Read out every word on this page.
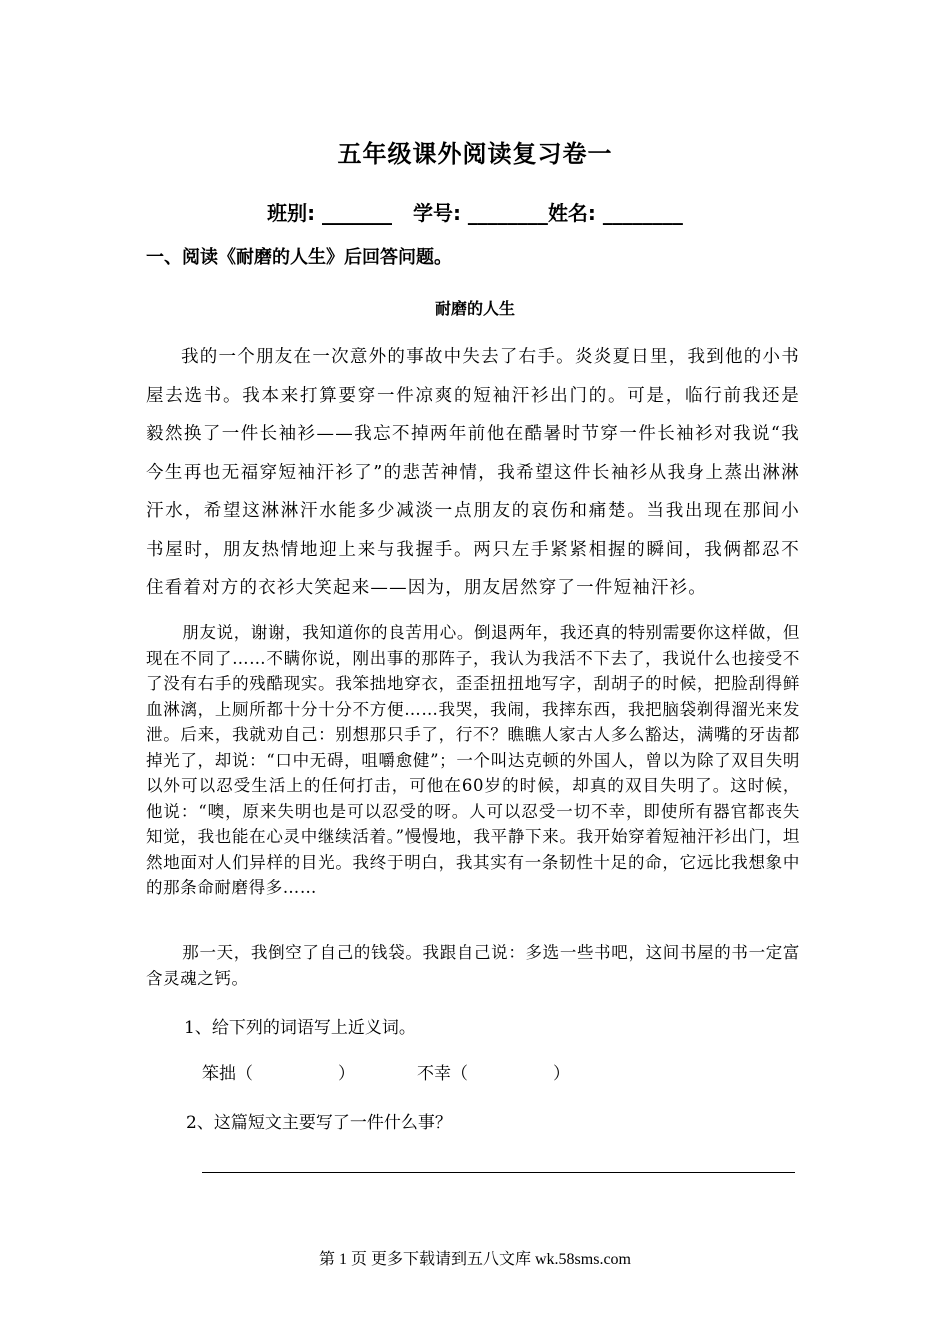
五年级课外阅读复习卷一
班别: _______   学号: ________姓名: ________
一、阅读《耐磨的人生》后回答问题。
耐磨的人生

我的一个朋友在一次意外的事故中失去了右手。炎炎夏日里，我到他的小书屋去选书。我本来打算要穿一件凉爽的短袖汗衫出门的。可是，临行前我还是毅然换了一件长袖衫——我忘不掉两年前他在酷暑时节穿一件长袖衫对我说“我今生再也无福穿短袖汗衫了”的悲苦神情，我希望这件长袖衫从我身上蒸出淋淋汗水，希望这淋淋汗水能多少减淡一点朋友的哀伤和痛楚。当我出现在那间小书屋时，朋友热情地迎上来与我握手。两只左手紧紧相握的瞬间，我俩都忍不住看着对方的衣衫大笑起来——因为，朋友居然穿了一件短袖汗衫。

朋友说，谢谢，我知道你的良苦用心。倒退两年，我还真的特别需要你这样做，但现在不同了……不瞒你说，刚出事的那阵子，我认为我活不下去了，我说什么也接受不了没有右手的残酷现实。我笨拙地穿衣，歪歪扭扭地写字，刮胡子的时候，把脸刮得鲜血淋漓，上厕所都十分十分不方便……我哭，我闹，我摔东西，我把脑袋剃得溜光来发泄。后来，我就劝自己：别想那只手了，行不？瞧瞧人家古人多么豁达，满嘴的牙齿都掉光了，却说：“口中无碍，咀嚼愈健”；一个叫达克顿的外国人，曾以为除了双目失明以外可以忍受生活上的任何打击，可他在60岁的时候，却真的双目失明了。这时候，他说：“噢，原来失明也是可以忍受的呀。人可以忍受一切不幸，即使所有器官都丧失知觉，我也能在心灵中继续活着。”慢慢地，我平静下来。我开始穿着短袖汗衫出门，坦然地面对人们异样的目光。我终于明白，我其实有一条韧性十足的命，它远比我想象中的那条命耐磨得多……

那一天，我倒空了自己的钱袋。我跟自己说：多选一些书吧，这间书屋的书一定富含灵魂之钙。

1、给下列的词语写上近义词。
笨拙（　　　　　）	不幸（　　　　　）
2、这篇短文主要写了一件什么事？
第 1 页 更多下载请到五八文库 wk.58sms.com
